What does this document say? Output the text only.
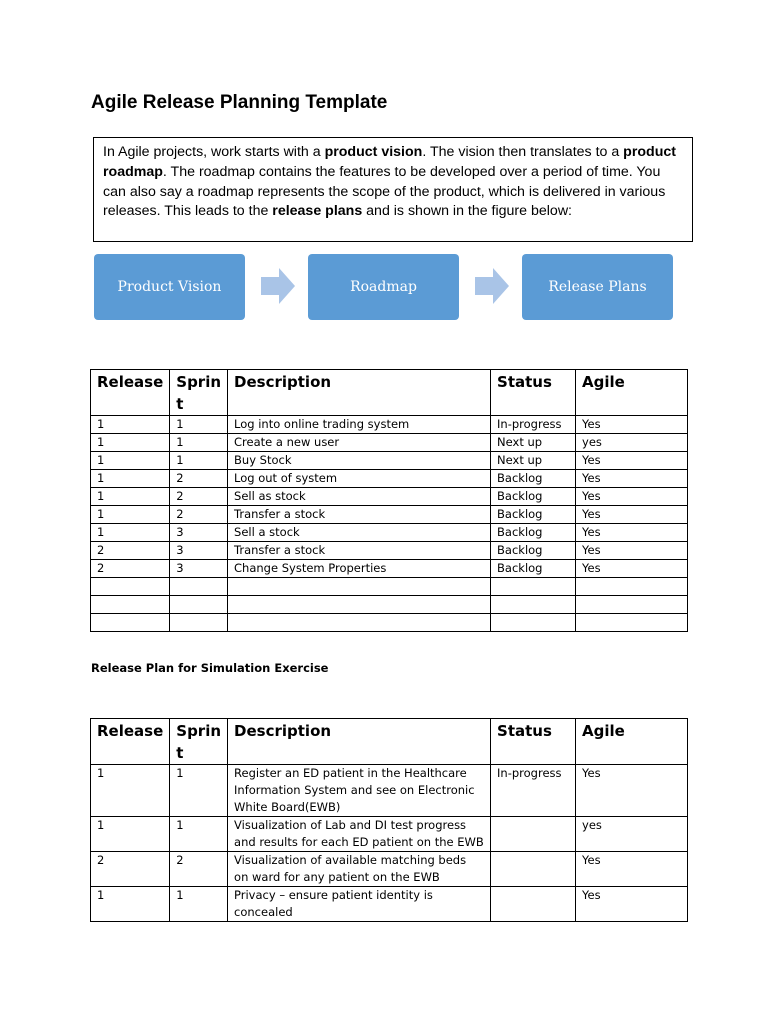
Agile Release Planning Template

In Agile projects, work starts with a product vision. The vision then translates to a product roadmap. The roadmap contains the features to be developed over a period of time. You can also say a roadmap represents the scope of the product, which is delivered in various releases. This leads to the release plans and is shown in the figure below:

Product Vision	Roadmap	Release Plans
Release	Sprin t	Description	Status	Agile
1	1	Log into online trading system	In-progress	Yes
1	1	Create a new user	Next up	yes
1	1	Buy Stock	Next up	Yes
1	2	Log out of system	Backlog	Yes
1	2	Sell as stock	Backlog	Yes
1	2	Transfer a stock	Backlog	Yes
1	3	Sell a stock	Backlog	Yes
2	3	Transfer a stock	Backlog	Yes
2	3	Change System Properties	Backlog	Yes

Release Plan for Simulation Exercise
Release	Sprin t	Description	Status	Agile
1	1	Register an ED patient in the Healthcare Information System and see on Electronic White Board(EWB)	In-progress	Yes
1	1	Visualization of Lab and DI test progress and results for each ED patient on the EWB		yes
2	2	Visualization of available matching beds on ward for any patient on the EWB		Yes
1	1	Privacy – ensure patient identity is concealed		Yes
